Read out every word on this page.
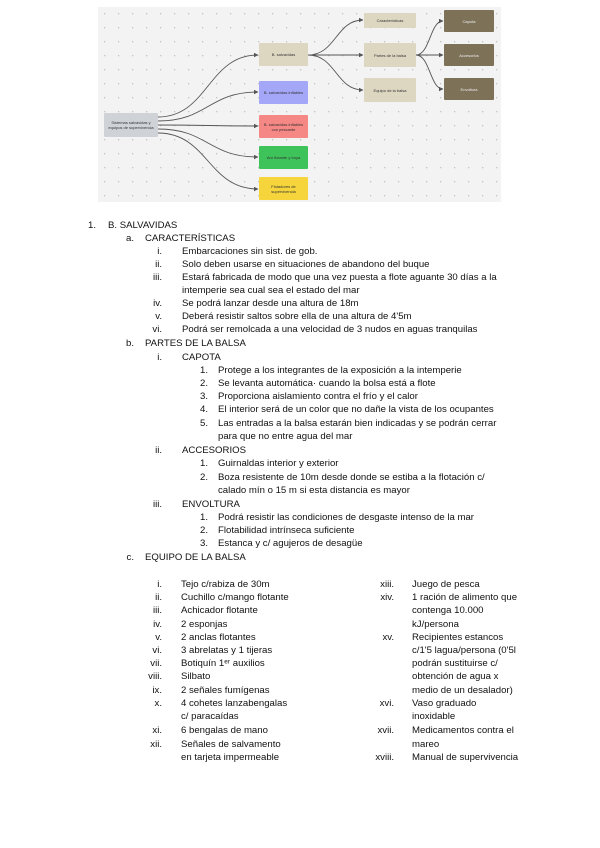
Sistemas salvavidas y equipos de supervivencia
B. salvavidas
B. salvavidas inflables
B. salvavidas inflables con pescante
Aro flotante y boya
Flotadores de supervivencia
Características
Partes de la balsa
Equipo de la balsa
Capota
Accesorios
Envoltura
1. B. SALVAVIDAS
a. CARACTERÍSTICAS
i. Embarcaciones sin sist. de gob.
ii. Solo deben usarse en situaciones de abandono del buque
iii. Estará fabricada de modo que una vez puesta a flote aguante 30 días a la
intemperie sea cual sea el estado del mar
iv. Se podrá lanzar desde una altura de 18m
v. Deberá resistir saltos sobre ella de una altura de 4'5m
vi. Podrá ser remolcada a una velocidad de 3 nudos en aguas tranquilas
b. PARTES DE LA BALSA
i. CAPOTA
1. Protege a los integrantes de la exposición a la intemperie
2. Se levanta automática· cuando la bolsa está a flote
3. Proporciona aislamiento contra el frío y el calor
4. El interior será de un color que no dañe la vista de los ocupantes
5. Las entradas a la balsa estarán bien indicadas y se podrán cerrar
para que no entre agua del mar
ii. ACCESORIOS
1. Guirnaldas interior y exterior
2. Boza resistente de 10m desde donde se estiba a la flotación c/
calado mín o 15 m si esta distancia es mayor
iii. ENVOLTURA
1. Podrá resistir las condiciones de desgaste intenso de la mar
2. Flotabilidad intrínseca suficiente
3. Estanca y c/ agujeros de desagüe
c. EQUIPO DE LA BALSA
i. Tejo c/rabiza de 30m
ii. Cuchillo c/mango flotante
iii. Achicador flotante
iv. 2 esponjas
v. 2 anclas flotantes
vi. 3 abrelatas y 1 tijeras
vii. Botiquín 1ᵉʳ auxilios
viii. Silbato
ix. 2 señales fumígenas
x. 4 cohetes lanzabengalas
c/ paracaídas
xi. 6 bengalas de mano
xii. Señales de salvamento
en tarjeta impermeable
xiii. Juego de pesca
xiv. 1 ración de alimento que
contenga 10.000
kJ/persona
xv. Recipientes estancos
c/1'5 lagua/persona (0'5l
podrán sustituirse c/
obtención de agua x
medio de un desalador)
xvi. Vaso graduado
inoxidable
xvii. Medicamentos contra el
mareo
xviii. Manual de supervivencia
